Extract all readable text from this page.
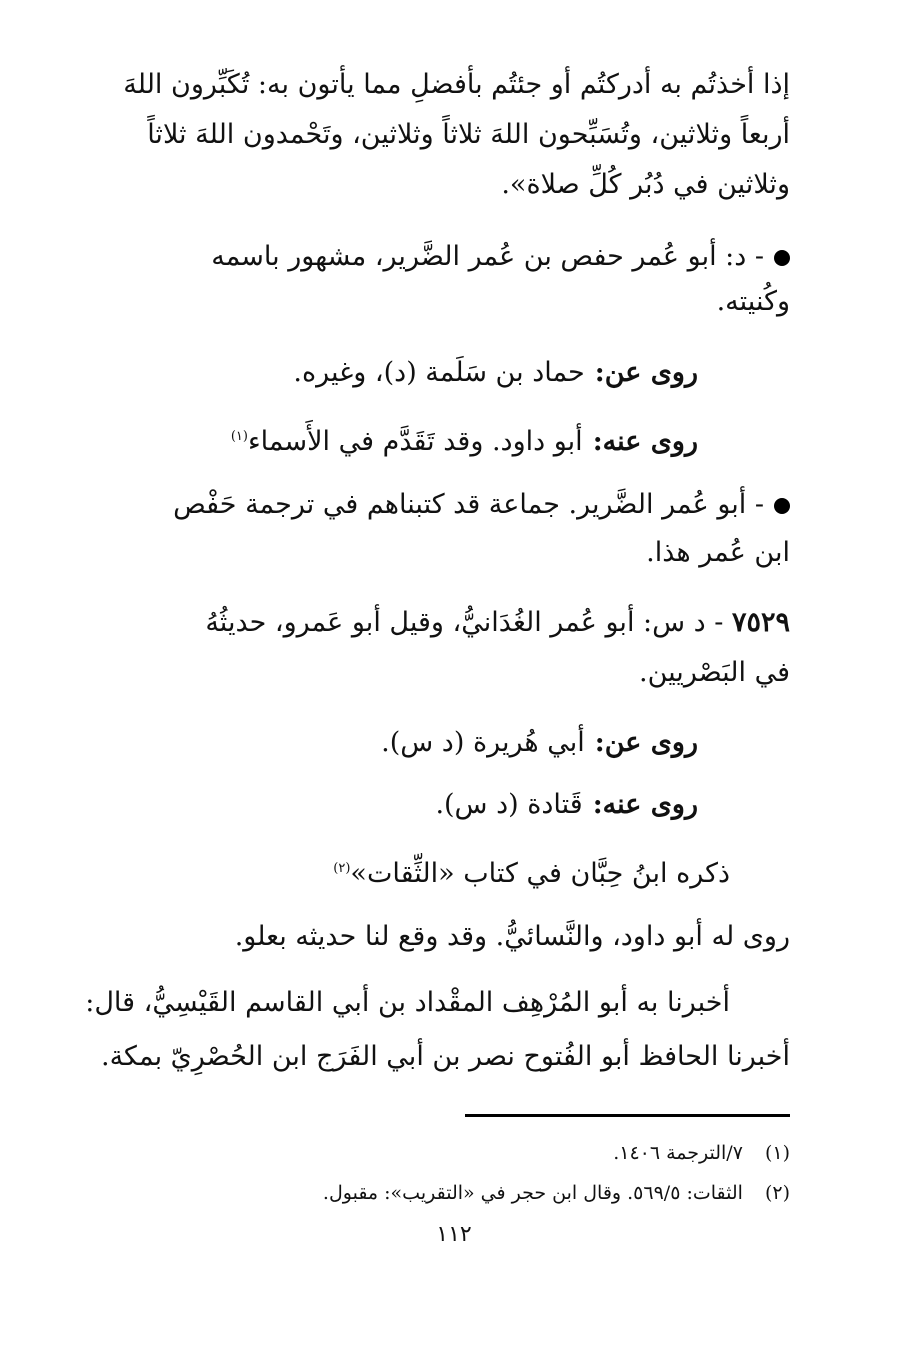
إذا أخذتُم به أدركتُم أو جئتُم بأفضلِ مما يأتون به: تُكَبِّرون اللهَ
أربعاً وثلاثين، وتُسَبِّحون اللهَ ثلاثاً وثلاثين، وتَحْمدون اللهَ ثلاثاً
وثلاثين في دُبُر كُلِّ صلاة».
- د: أبو عُمر حفص بن عُمر الضَّرير، مشهور باسمه
وكُنيته.
روى عن:حماد بن سَلَمة (د)، وغيره.
روى عنه:أبو داود. وقد تَقَدَّم في الأَسماء$^{(١)}$
- أبو عُمر الضَّرير. جماعة قد كتبناهم في ترجمة حَفْص
ابن عُمر هذا.
٧٥٢٩ - د س: أبو عُمر الغُدَانيُّ، وقيل أبو عَمرو، حديثُهُ
في البَصْريين.
روى عن:أبي هُريرة (د س).
روى عنه:قَتادة (د س).
ذكره ابنُ حِبَّان في كتاب «الثِّقات»$^{(٢)}$
روى له أبو داود، والنَّسائيُّ. وقد وقع لنا حديثه بعلو.
أخبرنا به أبو المُرْهِف المقْداد بن أبي القاسم القَيْسِيُّ، قال:
أخبرنا الحافظ أبو الفُتوح نصر بن أبي الفَرَج ابن الحُصْرِيّ بمكة.
(١)٧/الترجمة ١٤٠٦.
(٢)الثقات: ٥٦٩/٥. وقال ابن حجر في «التقريب»: مقبول.
١١٢
